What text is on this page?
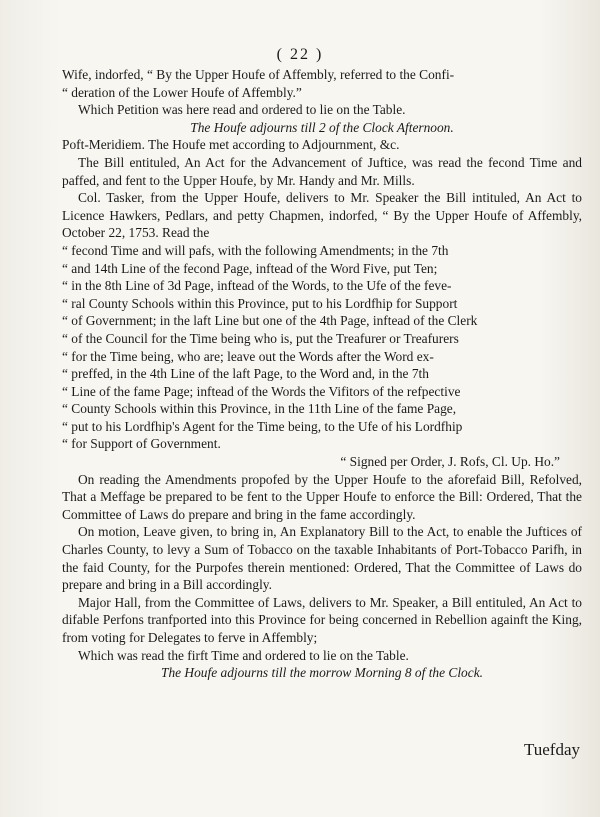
( 22 )

Wife, indorfed, “ By the Upper Houfe of Affembly, referred to the Confi-

“ deration of the Lower Houfe of Affembly.”

Which Petition was here read and ordered to lie on the Table.

The Houfe adjourns till 2 of the Clock Afternoon.

Poft-Meridiem. The Houfe met according to Adjournment, &c.

The Bill entituled, An Act for the Advancement of Juftice, was read the fecond Time and paffed, and fent to the Upper Houfe, by Mr. Handy and Mr. Mills.

Col. Tasker, from the Upper Houfe, delivers to Mr. Speaker the Bill intituled, An Act to Licence Hawkers, Pedlars, and petty Chapmen, indorfed, “ By the Upper Houfe of Affembly, October 22, 1753. Read the

“ fecond Time and will pafs, with the following Amendments; in the 7th

“ and 14th Line of the fecond Page, inftead of the Word Five, put Ten;

“ in the 8th Line of 3d Page, inftead of the Words, to the Ufe of the feve-

“ ral County Schools within this Province, put to his Lordfhip for Support

“ of Government; in the laft Line but one of the 4th Page, inftead of the Clerk

“ of the Council for the Time being who is, put the Treafurer or Treafurers

“ for the Time being, who are; leave out the Words after the Word ex-

“ preffed, in the 4th Line of the laft Page, to the Word and, in the 7th

“ Line of the fame Page; inftead of the Words the Vifitors of the refpective

“ County Schools within this Province, in the 11th Line of the fame Page,

“ put to his Lordfhip's Agent for the Time being, to the Ufe of his Lordfhip

“ for Support of Government.

“ Signed per Order, J. Rofs, Cl. Up. Ho.”

On reading the Amendments propofed by the Upper Houfe to the aforefaid Bill, Refolved, That a Meffage be prepared to be fent to the Upper Houfe to enforce the Bill: Ordered, That the Committee of Laws do prepare and bring in the fame accordingly.

On motion, Leave given, to bring in, An Explanatory Bill to the Act, to enable the Juftices of Charles County, to levy a Sum of Tobacco on the taxable Inhabitants of Port-Tobacco Parifh, in the faid County, for the Purpofes therein mentioned: Ordered, That the Committee of Laws do prepare and bring in a Bill accordingly.

Major Hall, from the Committee of Laws, delivers to Mr. Speaker, a Bill entituled, An Act to difable Perfons tranfported into this Province for being concerned in Rebellion againft the King, from voting for Delegates to ferve in Affembly;

Which was read the firft Time and ordered to lie on the Table.

The Houfe adjourns till the morrow Morning 8 of the Clock.

Tuefday
